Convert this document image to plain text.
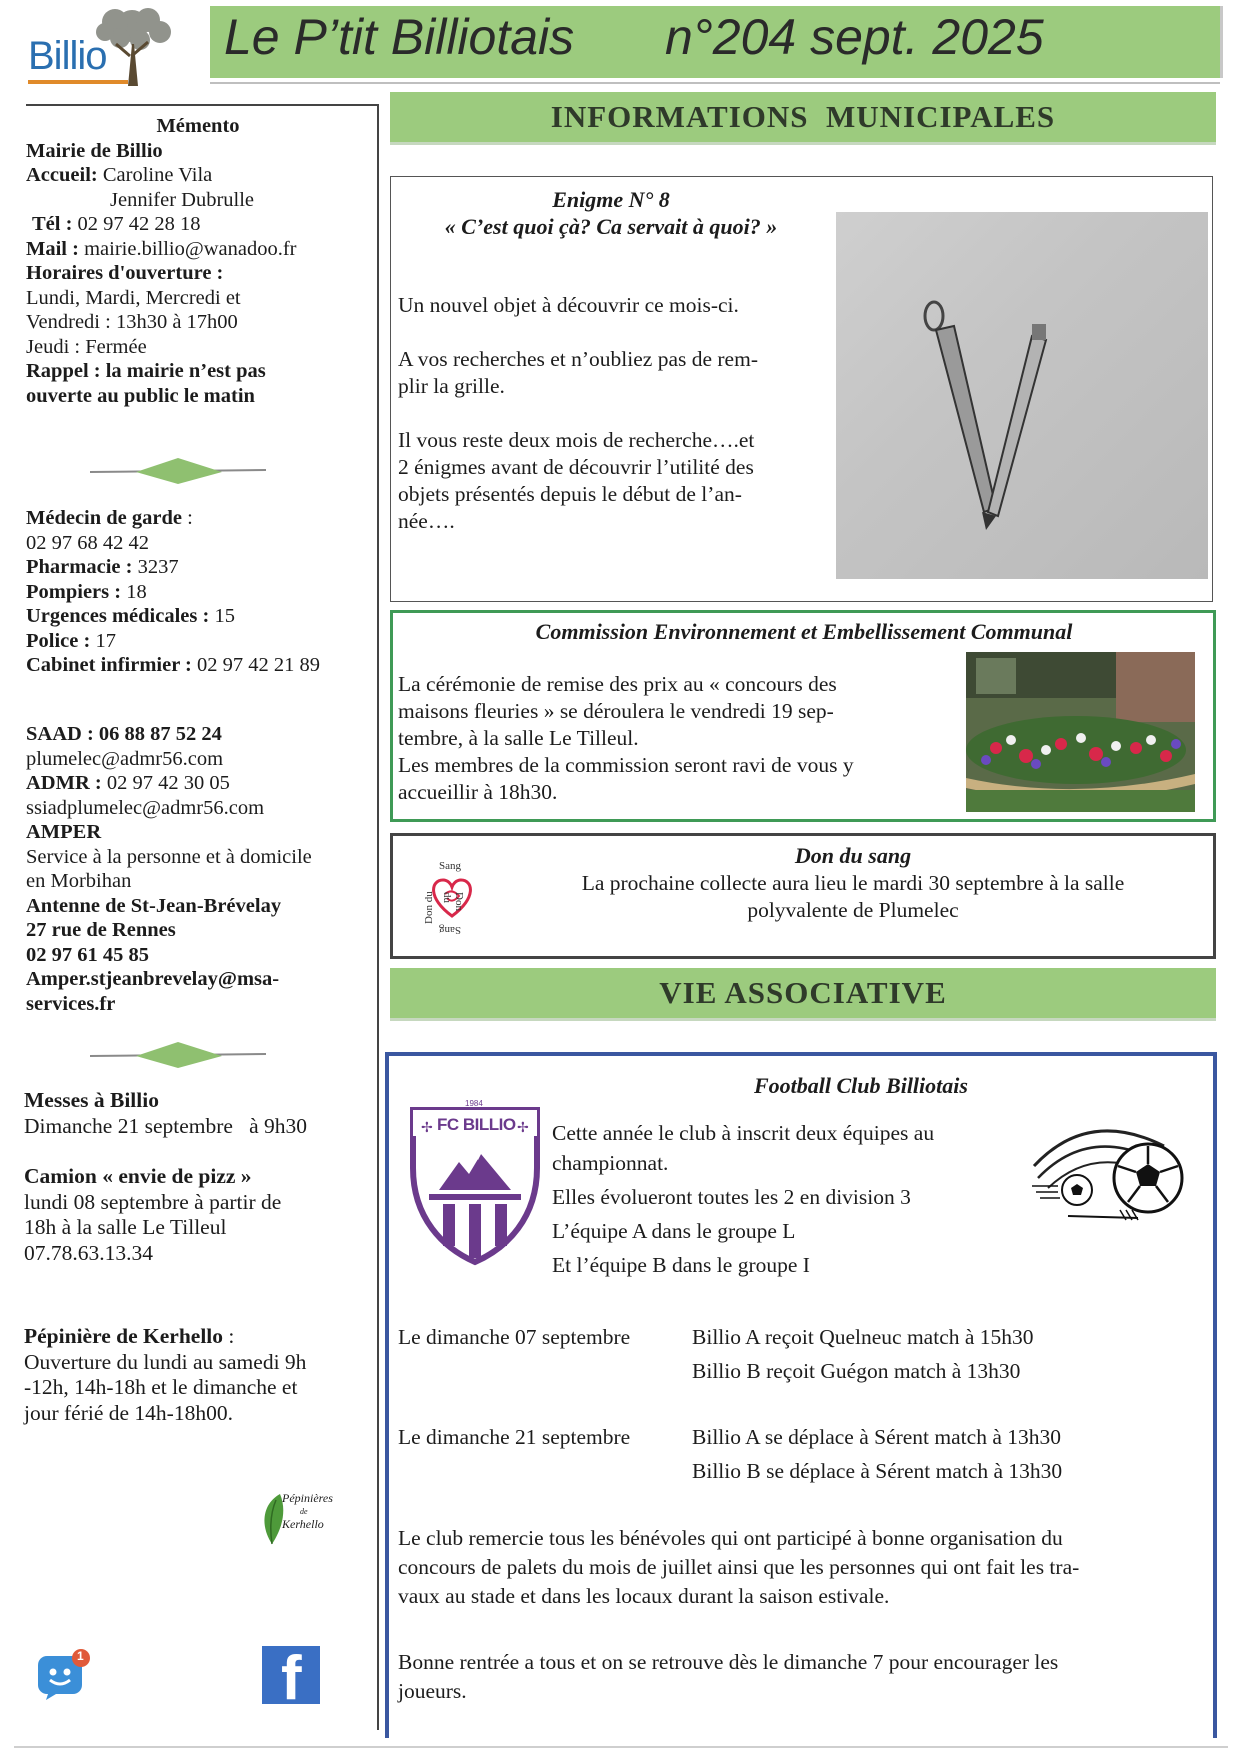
Billio Le P’tit Billiotais n°204 sept. 2025
Mémento
Mairie de Billio
Accueil: Caroline Vila
Jennifer Dubrulle
Tél : 02 97 42 28 18
Mail : mairie.billio@wanadoo.fr
Horaires d'ouverture :
Lundi, Mardi, Mercredi et
Vendredi : 13h30 à 17h00
Jeudi : Fermée
Rappel : la mairie n’est pas ouverte au public le matin
Médecin de garde :
02 97 68 42 42
Pharmacie : 3237
Pompiers : 18
Urgences médicales : 15
Police : 17
Cabinet infirmier : 02 97 42 21 89
SAAD : 06 88 87 52 24
plumelec@admr56.com
ADMR : 02 97 42 30 05
ssiadplumelec@admr56.com
AMPER
Service à la personne et à domicile
en Morbihan
Antenne de St-Jean-Brévelay
27 rue de Rennes
02 97 61 45 85
Amper.stjeanbrevelay@msa-
services.fr
Messes à Billio
Dimanche 21 septembre   à 9h30
Camion « envie de pizz »
lundi 08 septembre à partir de
18h à la salle Le Tilleul
07.78.63.13.34
Pépinière de Kerhello :
Ouverture du lundi au samedi 9h
-12h, 14h-18h et le dimanche et
jour férié de 14h-18h00.
Pépinières
de
Kerhello
1	f
INFORMATIONS  MUNICIPALES
Enigme N° 8
« C’est quoi çà? Ca servait à quoi? »
Un nouvel objet à découvrir ce mois-ci.
A vos recherches et n’oubliez pas de rem-
plir la grille.
Il vous reste deux mois de recherche….et
2 énigmes avant de découvrir l’utilité des
objets présentés depuis le début de l’an-
née….
Commission Environnement et Embellissement Communal
La cérémonie de remise des prix au « concours des
maisons fleuries » se déroulera le vendredi 19 sep-
tembre, à la salle Le Tilleul.
Les membres de la commission seront ravi de vous y
accueillir à 18h30.
Sang
Don du
Don du
Sang
Don du sang
La prochaine collecte aura lieu le mardi 30 septembre à la salle
polyvalente de Plumelec
VIE ASSOCIATIVE
Football Club Billiotais
✢	✢
FC BILLIO
1984
Cette année le club à inscrit deux équipes au
championnat.
Elles évolueront toutes les 2 en division 3
L’équipe A dans le groupe L
Et l’équipe B dans le groupe I
Le dimanche 07 septembre	Billio A reçoit Quelneuc match à 15h30
Billio B reçoit Guégon match à 13h30
Le dimanche 21 septembre	Billio A se déplace à Sérent match à 13h30
Billio B se déplace à Sérent match à 13h30
Le club remercie tous les bénévoles qui ont participé à bonne organisation du
concours de palets du mois de juillet ainsi que les personnes qui ont fait les tra-
vaux au stade et dans les locaux durant la saison estivale.
Bonne rentrée a tous et on se retrouve dès le dimanche 7 pour encourager les
joueurs.
